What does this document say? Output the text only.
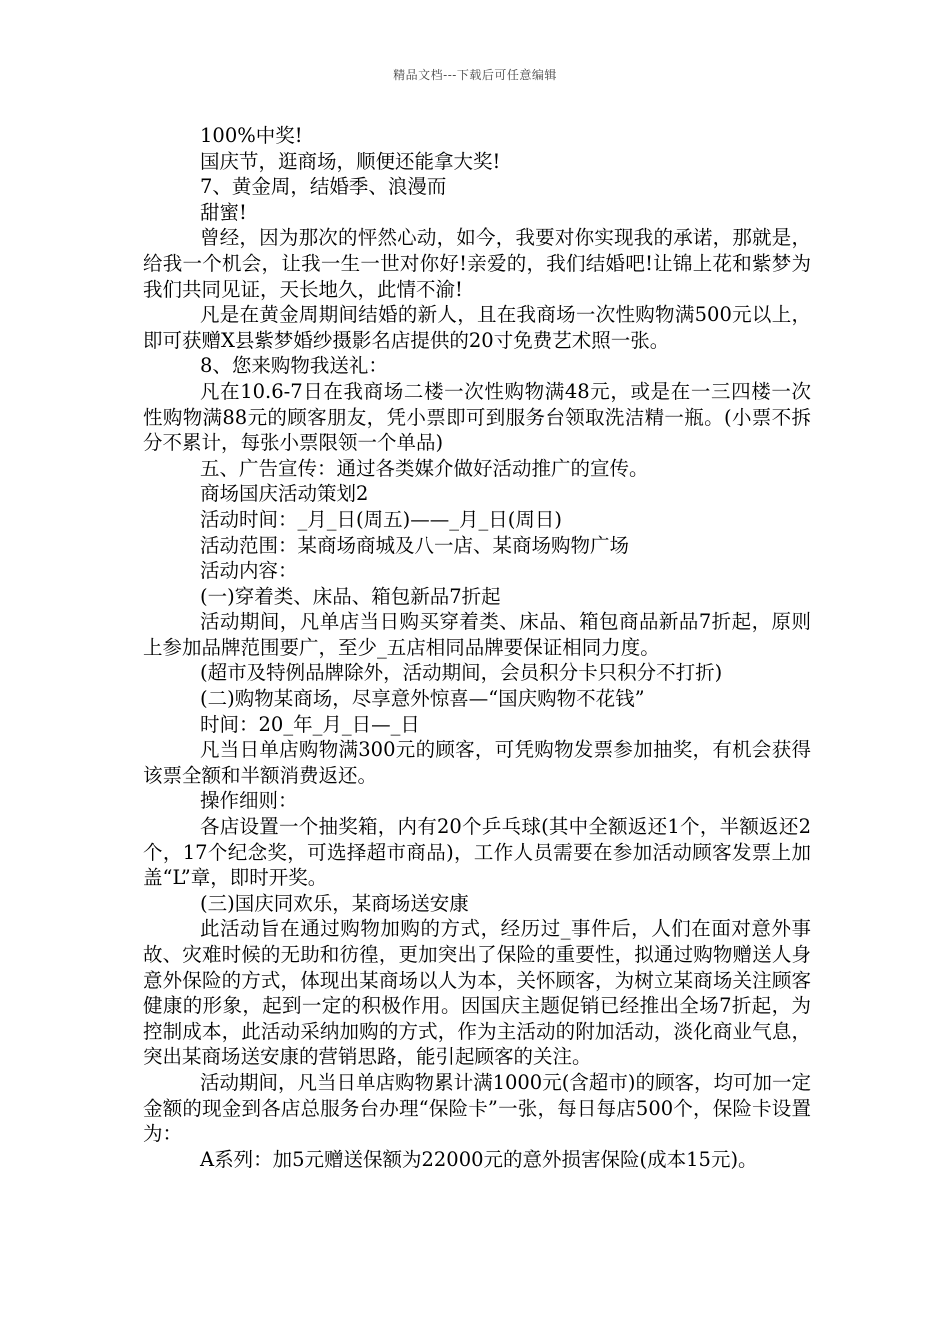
精品文档---下载后可任意编辑

100%中奖!

国庆节，逛商场，顺便还能拿大奖!

7、黄金周，结婚季、浪漫而

甜蜜!

曾经，因为那次的怦然心动，如今，我要对你实现我的承诺，那就是，给我一个机会，让我一生一世对你好!亲爱的，我们结婚吧!让锦上花和紫梦为我们共同见证，天长地久，此情不渝!

凡是在黄金周期间结婚的新人，且在我商场一次性购物满500元以上，即可获赠X县紫梦婚纱摄影名店提供的20寸免费艺术照一张。

8、您来购物我送礼：

凡在10.6-7日在我商场二楼一次性购物满48元，或是在一三四楼一次性购物满88元的顾客朋友，凭小票即可到服务台领取洗洁精一瓶。(小票不拆分不累计，每张小票限领一个单品)

五、广告宣传：通过各类媒介做好活动推广的宣传。

商场国庆活动策划2

活动时间：_月_日(周五)——_月_日(周日)

活动范围：某商场商城及八一店、某商场购物广场

活动内容：

(一)穿着类、床品、箱包新品7折起

活动期间，凡单店当日购买穿着类、床品、箱包商品新品7折起，原则上参加品牌范围要广，至少_五店相同品牌要保证相同力度。

(超市及特例品牌除外，活动期间，会员积分卡只积分不打折)

(二)购物某商场，尽享意外惊喜—“国庆购物不花钱”

时间：20_年_月_日—_日

凡当日单店购物满300元的顾客，可凭购物发票参加抽奖，有机会获得该票全额和半额消费返还。

操作细则：

各店设置一个抽奖箱，内有20个乒乓球(其中全额返还1个，半额返还2个，17个纪念奖，可选择超市商品)，工作人员需要在参加活动顾客发票上加盖“L”章，即时开奖。

(三)国庆同欢乐，某商场送安康

此活动旨在通过购物加购的方式，经历过_事件后，人们在面对意外事故、灾难时候的无助和彷徨，更加突出了保险的重要性，拟通过购物赠送人身意外保险的方式，体现出某商场以人为本，关怀顾客，为树立某商场关注顾客健康的形象，起到一定的积极作用。因国庆主题促销已经推出全场7折起，为控制成本，此活动采纳加购的方式，作为主活动的附加活动，淡化商业气息，突出某商场送安康的营销思路，能引起顾客的关注。

活动期间，凡当日单店购物累计满1000元(含超市)的顾客，均可加一定金额的现金到各店总服务台办理“保险卡”一张，每日每店500个，保险卡设置为：

A系列：加5元赠送保额为22000元的意外损害保险(成本15元)。
